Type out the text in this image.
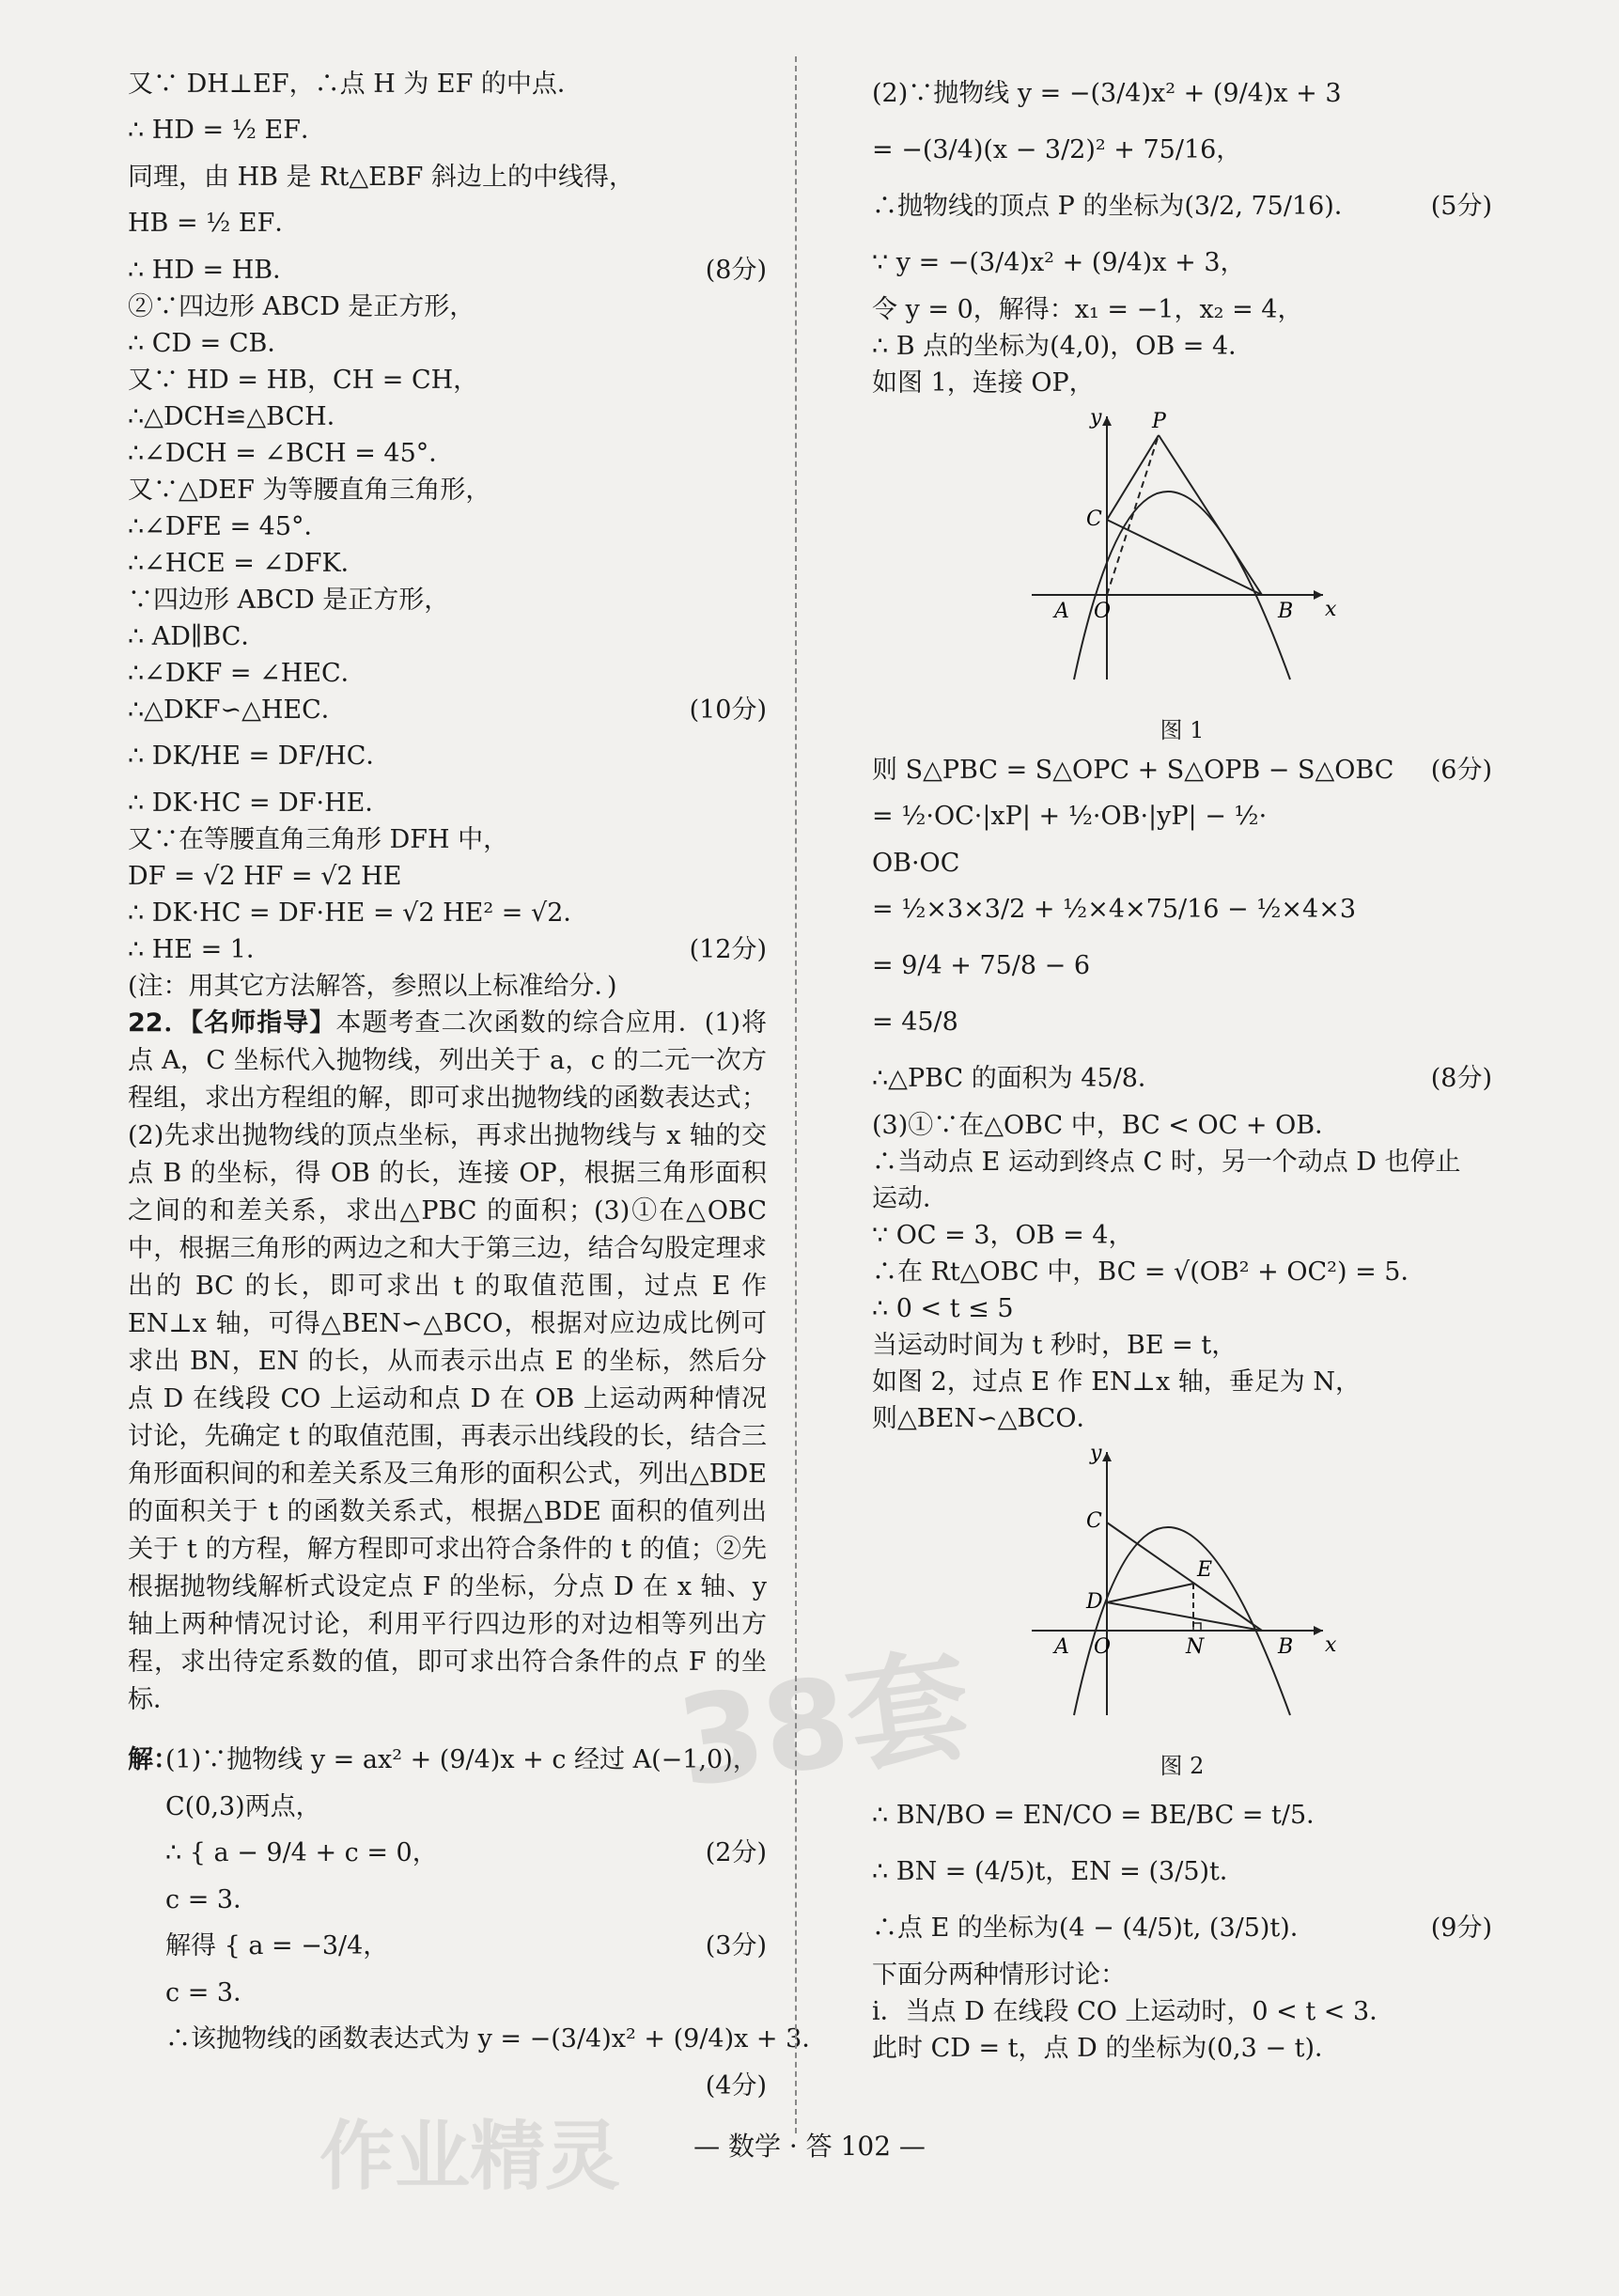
又∵ DH⊥EF，∴点 H 为 EF 的中点．
∴ HD = ½ EF．
同理，由 HB 是 Rt△EBF 斜边上的中线得，
HB = ½ EF．
∴ HD = HB．	(8分)
②∵四边形 ABCD 是正方形，
∴ CD = CB．
又∵ HD = HB，CH = CH，
∴△DCH≌△BCH．
∴∠DCH = ∠BCH = 45°．
又∵△DEF 为等腰直角三角形，
∴∠DFE = 45°．
∴∠HCE = ∠DFK．
∵四边形 ABCD 是正方形，
∴ AD∥BC．
∴∠DKF = ∠HEC．
∴△DKF∽△HEC．	(10分)
∴ DK/HE = DF/HC．
∴ DK·HC = DF·HE．
又∵在等腰直角三角形 DFH 中，
DF = √2 HF = √2 HE
∴ DK·HC = DF·HE = √2 HE² = √2．
∴ HE = 1．	(12分)
(注：用其它方法解答，参照以上标准给分．)
22．【名师指导】本题考查二次函数的综合应用．(1)将点 A，C 坐标代入抛物线，列出关于 a，c 的二元一次方程组，求出方程组的解，即可求出抛物线的函数表达式；(2)先求出抛物线的顶点坐标，再求出抛物线与 x 轴的交点 B 的坐标，得 OB 的长，连接 OP，根据三角形面积之间的和差关系，求出△PBC 的面积；(3)①在△OBC 中，根据三角形的两边之和大于第三边，结合勾股定理求出的 BC 的长，即可求出 t 的取值范围，过点 E 作 EN⊥x 轴，可得△BEN∽△BCO，根据对应边成比例可求出 BN，EN 的长，从而表示出点 E 的坐标，然后分点 D 在线段 CO 上运动和点 D 在 OB 上运动两种情况讨论，先确定 t 的取值范围，再表示出线段的长，结合三角形面积间的和差关系及三角形的面积公式，列出△BDE 的面积关于 t 的函数关系式，根据△BDE 面积的值列出关于 t 的方程，解方程即可求出符合条件的 t 的值；②先根据抛物线解析式设定点 F 的坐标，分点 D 在 x 轴、y 轴上两种情况讨论，利用平行四边形的对边相等列出方程，求出待定系数的值，即可求出符合条件的点 F 的坐标．
解：
(1)∵抛物线 y = ax² + (9/4)x + c 经过 A(−1,0)，
C(0,3)两点，
∴ { a − 9/4 + c = 0，	(2分)
c = 3．
解得 { a = −3/4，	(3分)
c = 3．
∴该抛物线的函数表达式为 y = −(3/4)x² + (9/4)x + 3．
(4分)
(2)∵抛物线 y = −(3/4)x² + (9/4)x + 3
= −(3/4)(x − 3/2)² + 75/16，
∴抛物线的顶点 P 的坐标为(3/2, 75/16)．	(5分)
∵ y = −(3/4)x² + (9/4)x + 3，
令 y = 0，解得：x₁ = −1，x₂ = 4，
∴ B 点的坐标为(4,0)，OB = 4．
如图 1，连接 OP，
y
x
P
C
A O	B
图 1
则 S△PBC = S△OPC + S△OPB − S△OBC (6分)
= ½·OC·|xP| + ½·OB·|yP| − ½·
OB·OC
= ½×3×3/2 + ½×4×75/16 − ½×4×3
= 9/4 + 75/8 − 6
= 45/8
∴△PBC 的面积为 45/8．	(8分)
(3)①∵在△OBC 中，BC < OC + OB．
∴当动点 E 运动到终点 C 时，另一个动点 D 也停止
运动．
∵ OC = 3，OB = 4，
∴在 Rt△OBC 中，BC = √(OB² + OC²) = 5．
∴ 0 < t ≤ 5
当运动时间为 t 秒时，BE = t，
如图 2，过点 E 作 EN⊥x 轴，垂足为 N，
则△BEN∽△BCO．
y
x
C
E
D
A O	N	B
图 2
∴ BN/BO = EN/CO = BE/BC = t/5．
∴ BN = (4/5)t，EN = (3/5)t．
∴点 E 的坐标为(4 − (4/5)t, (3/5)t)．	(9分)
下面分两种情形讨论：
ⅰ．当点 D 在线段 CO 上运动时，0 < t < 3．
此时 CD = t，点 D 的坐标为(0,3 − t)．
38套
作业精灵	— 数学 · 答 102 —
